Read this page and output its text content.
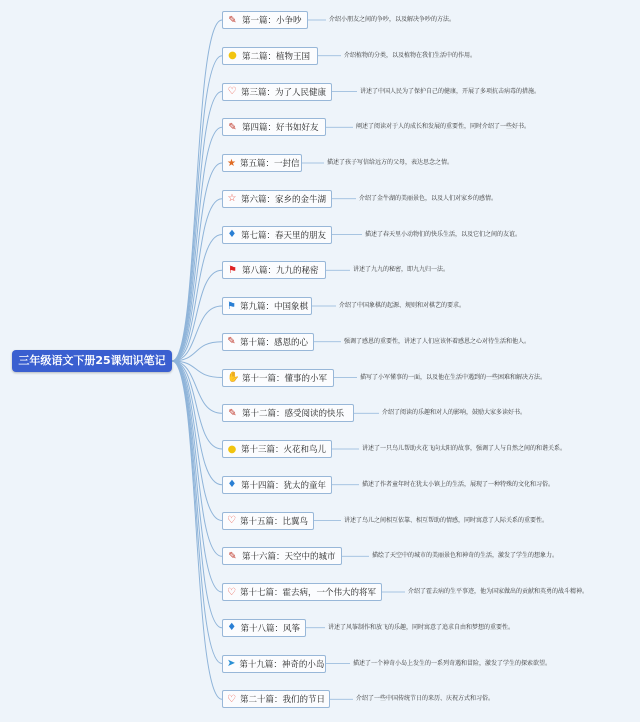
三年级语文下册25课知识笔记
✎ 第一篇：小争吵	介绍小朋友之间的争吵，以及解决争吵的方法。
● 第二篇：植物王国	介绍植物的分类，以及植物在我们生活中的作用。
♡ 第三篇：为了人民健康	讲述了中国人民为了保护自己的健康，开展了多项抗击病毒的措施。
✎ 第四篇：好书如好友	阐述了阅读对于人的成长和发展的重要性，同时介绍了一些好书。
★ 第五篇：一封信	描述了孩子写信给远方的父母，表达思念之情。
☆ 第六篇：家乡的金牛湖	介绍了金牛湖的美丽景色，以及人们对家乡的感情。
♦ 第七篇：春天里的朋友	描述了春天里小动物们的快乐生活，以及它们之间的友谊。
⚑ 第八篇：九九的秘密	讲述了九九的秘密，即九九归一法。
⚑ 第九篇：中国象棋	介绍了中国象棋的起源、规则和对棋艺的要求。
✎ 第十篇：感恩的心	强调了感恩的重要性，讲述了人们应该怀着感恩之心对待生活和他人。
✋ 第十一篇：懂事的小军	描写了小军懂事的一面，以及他在生活中遇到的一些困难和解决方法。
✎ 第十二篇：感受阅读的快乐	介绍了阅读的乐趣和对人的影响，鼓励大家多读好书。
● 第十三篇：火花和鸟儿	讲述了一只鸟儿帮助火花飞向太阳的故事，强调了人与自然之间的和谐关系。
♦ 第十四篇：犹太的童年	描述了作者童年时在犹太小镇上的生活，展现了一种特殊的文化和习俗。
♡ 第十五篇：比翼鸟	讲述了鸟儿之间相互依靠、相互帮助的情感，同时寓意了人际关系的重要性。
✎ 第十六篇：天空中的城市	描绘了天空中的城市的美丽景色和神奇的生活，激发了学生的想象力。
♡ 第十七篇：霍去病，一个伟大的将军	介绍了霍去病的生平事迹，他为国家做出的贡献和英勇的战斗精神。
♦ 第十八篇：风筝	讲述了风筝制作和放飞的乐趣，同时寓意了追求自由和梦想的重要性。
➤ 第十九篇：神奇的小岛	描述了一个神奇小岛上发生的一系列奇遇和冒险，激发了学生的探索欲望。
♡ 第二十篇：我们的节日	介绍了一些中国传统节日的来历、庆祝方式和习俗。
